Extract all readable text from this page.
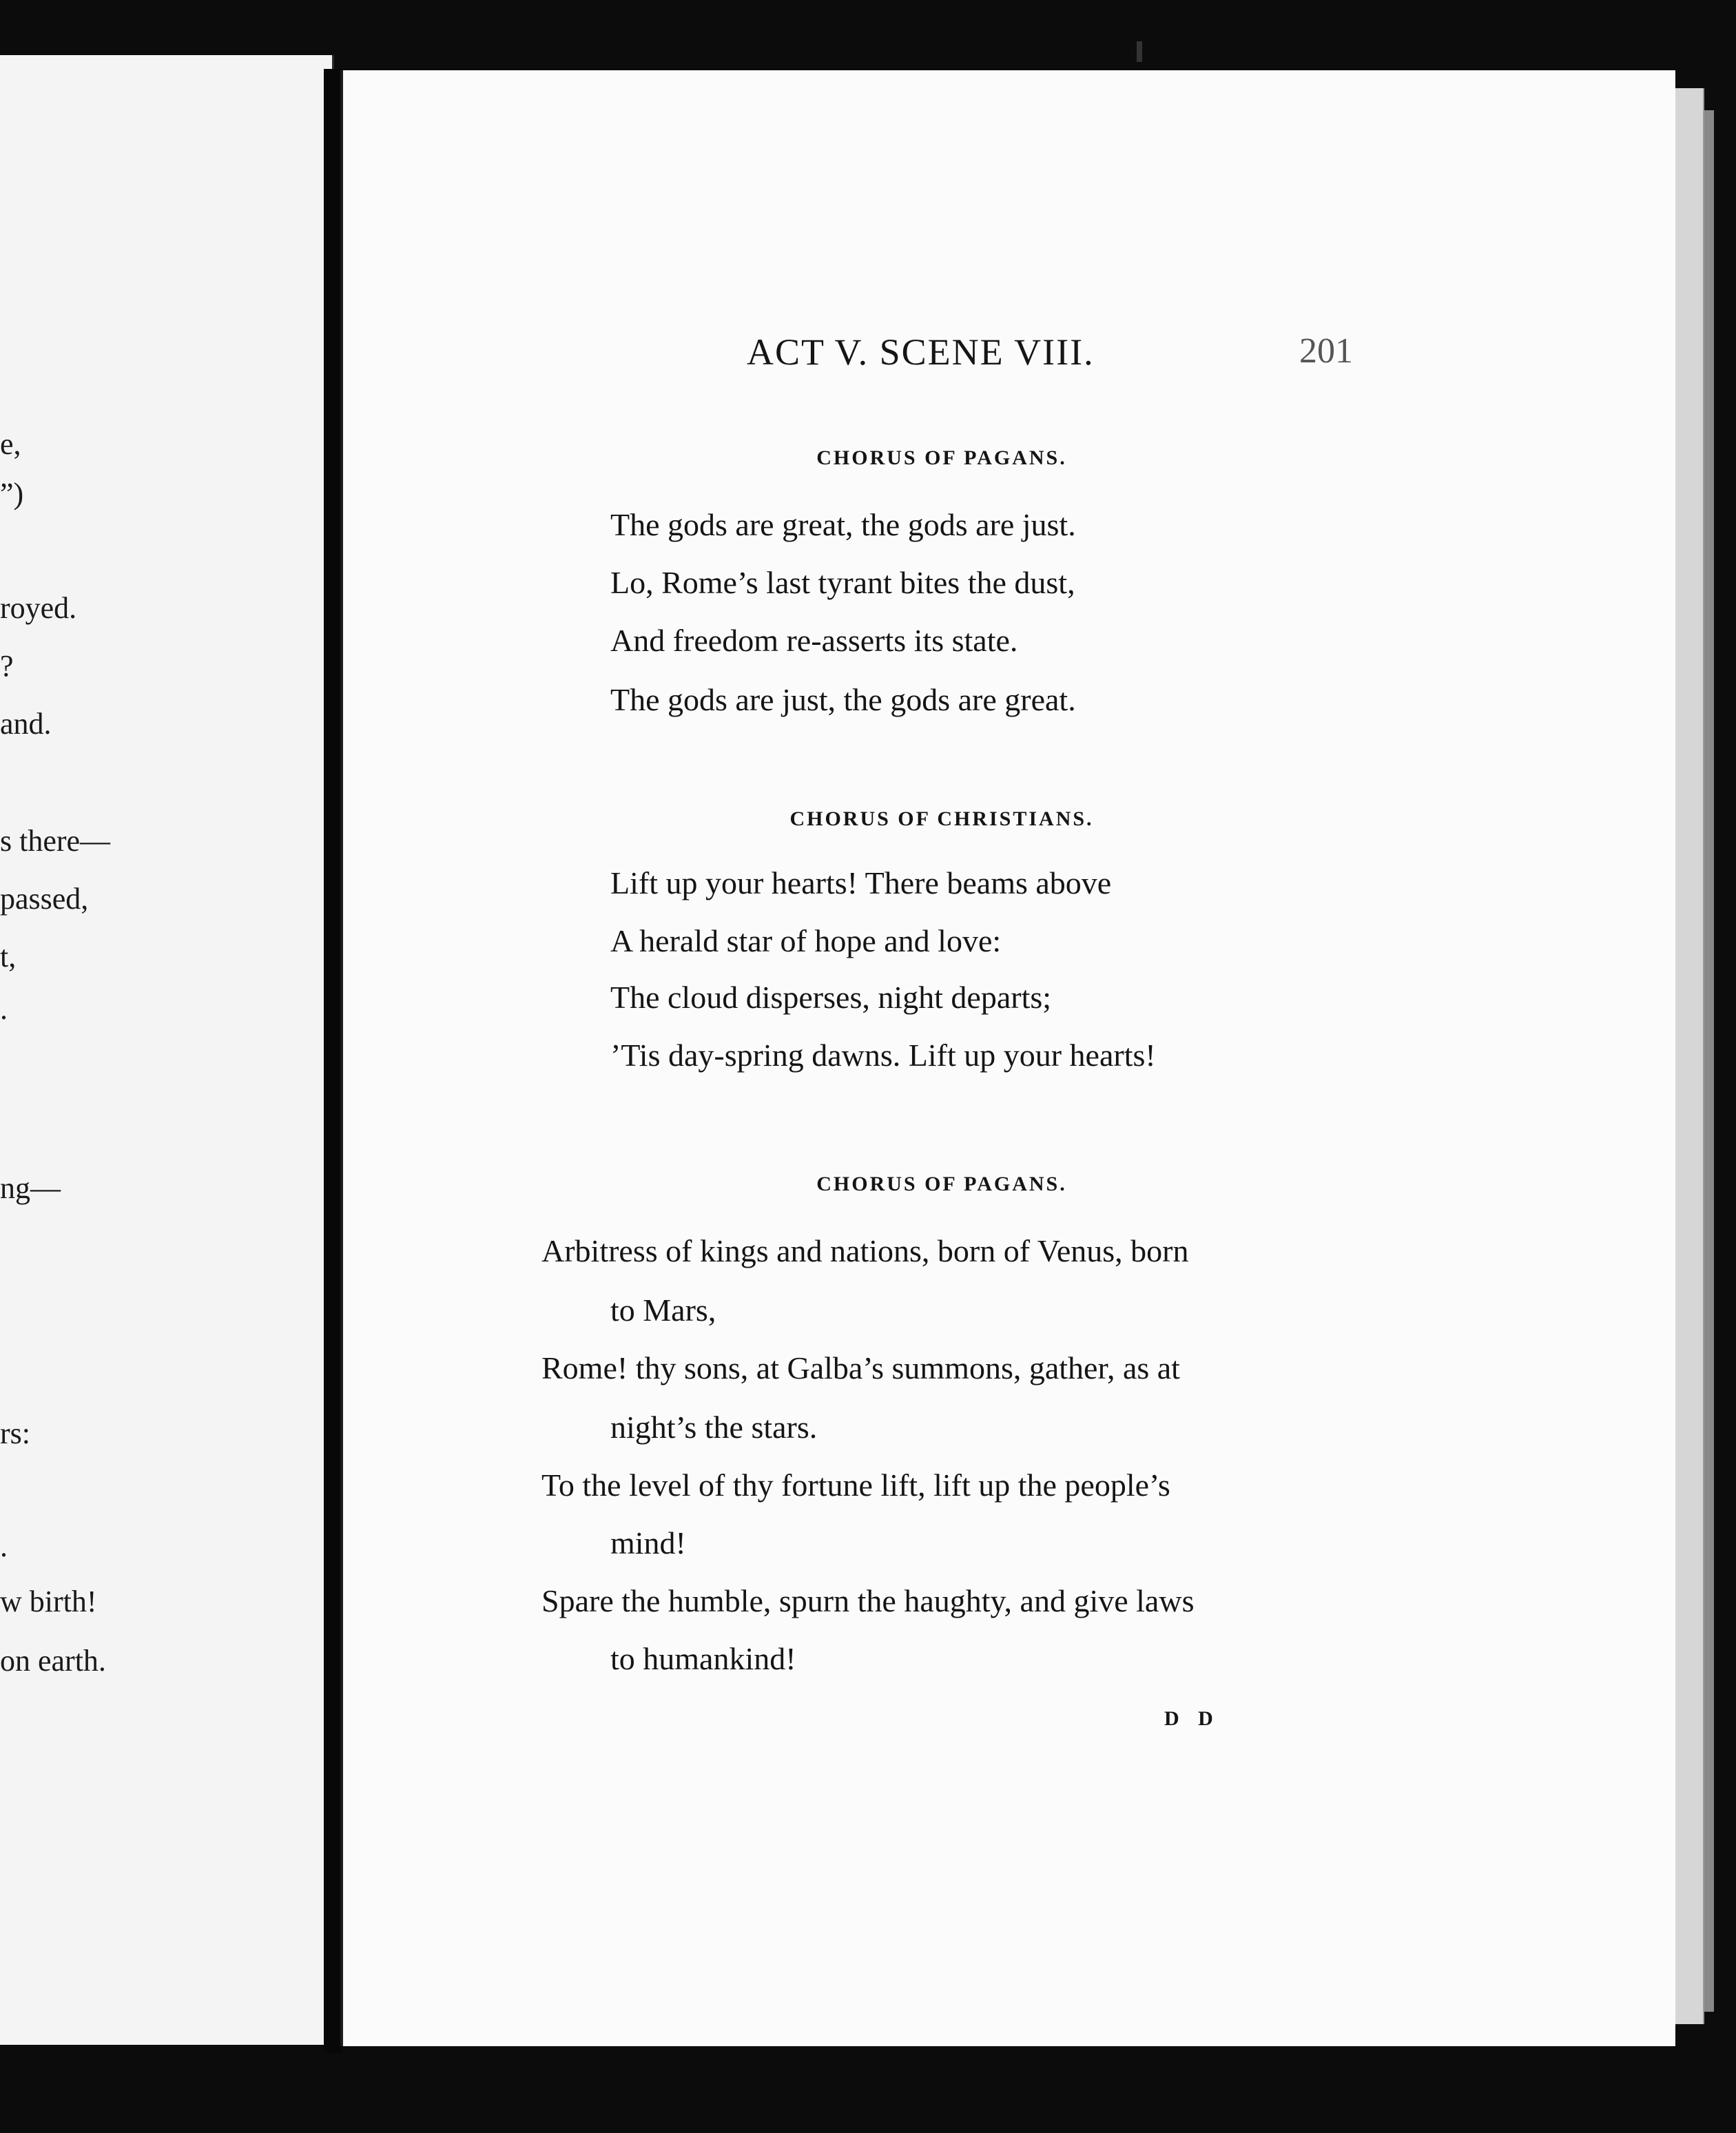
e,

”)

royed.

?

and.

s there—

passed,

t,

.

ng—

rs:

.

w birth!

on earth.

ACT V. SCENE VIII.	201
CHORUS OF PAGANS.

The gods are great, the gods are just.

Lo, Rome’s last tyrant bites the dust,

And freedom re-asserts its state.

The gods are just, the gods are great.

CHORUS OF CHRISTIANS.

Lift up your hearts! There beams above

A herald star of hope and love:

The cloud disperses, night departs;

’Tis day-spring dawns. Lift up your hearts!

CHORUS OF PAGANS.

Arbitress of kings and nations, born of Venus, born

to Mars,

Rome! thy sons, at Galba’s summons, gather, as at

night’s the stars.

To the level of thy fortune lift, lift up the people’s

mind!

Spare the humble, spurn the haughty, and give laws

to humankind!

D D
